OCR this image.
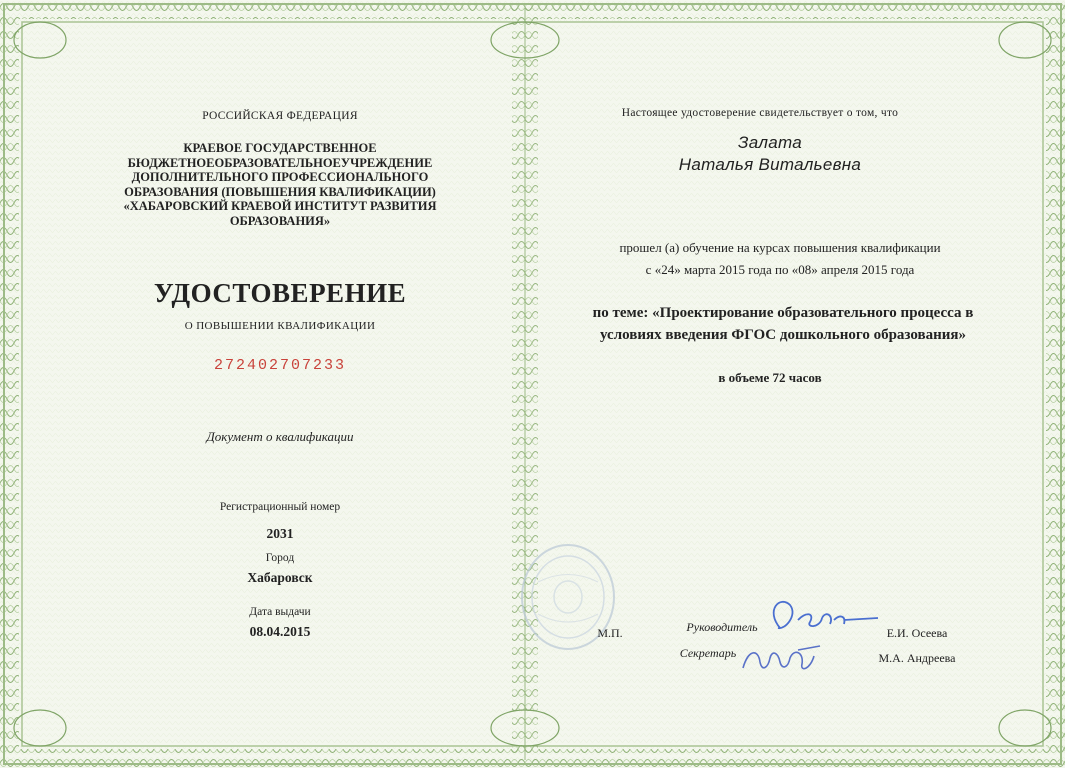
РОССИЙСКАЯ ФЕДЕРАЦИЯ
КРАЕВОЕ ГОСУДАРСТВЕННОЕ
БЮДЖЕТНОЕОБРАЗОВАТЕЛЬНОЕУЧРЕЖДЕНИЕ
ДОПОЛНИТЕЛЬНОГО ПРОФЕССИОНАЛЬНОГО
ОБРАЗОВАНИЯ (ПОВЫШЕНИЯ КВАЛИФИКАЦИИ)
«ХАБАРОВСКИЙ КРАЕВОЙ ИНСТИТУТ РАЗВИТИЯ
ОБРАЗОВАНИЯ»
УДОСТОВЕРЕНИЕ
О ПОВЫШЕНИИ КВАЛИФИКАЦИИ
272402707233
Документ о квалификации
Регистрационный номер
2031
Город
Хабаровск
Дата выдачи
08.04.2015
Настоящее удостоверение свидетельствует о том, что
Залата
Наталья Витальевна
прошел (а) обучение на курсах повышения квалификации
с «24» марта 2015 года по «08» апреля 2015 года
по теме: «Проектирование образовательного процесса в
условиях введения ФГОС дошкольного образования»
в объеме 72 часов
М.П.	Руководитель	Е.И. Осеева
Секретарь	М.А. Андреева
